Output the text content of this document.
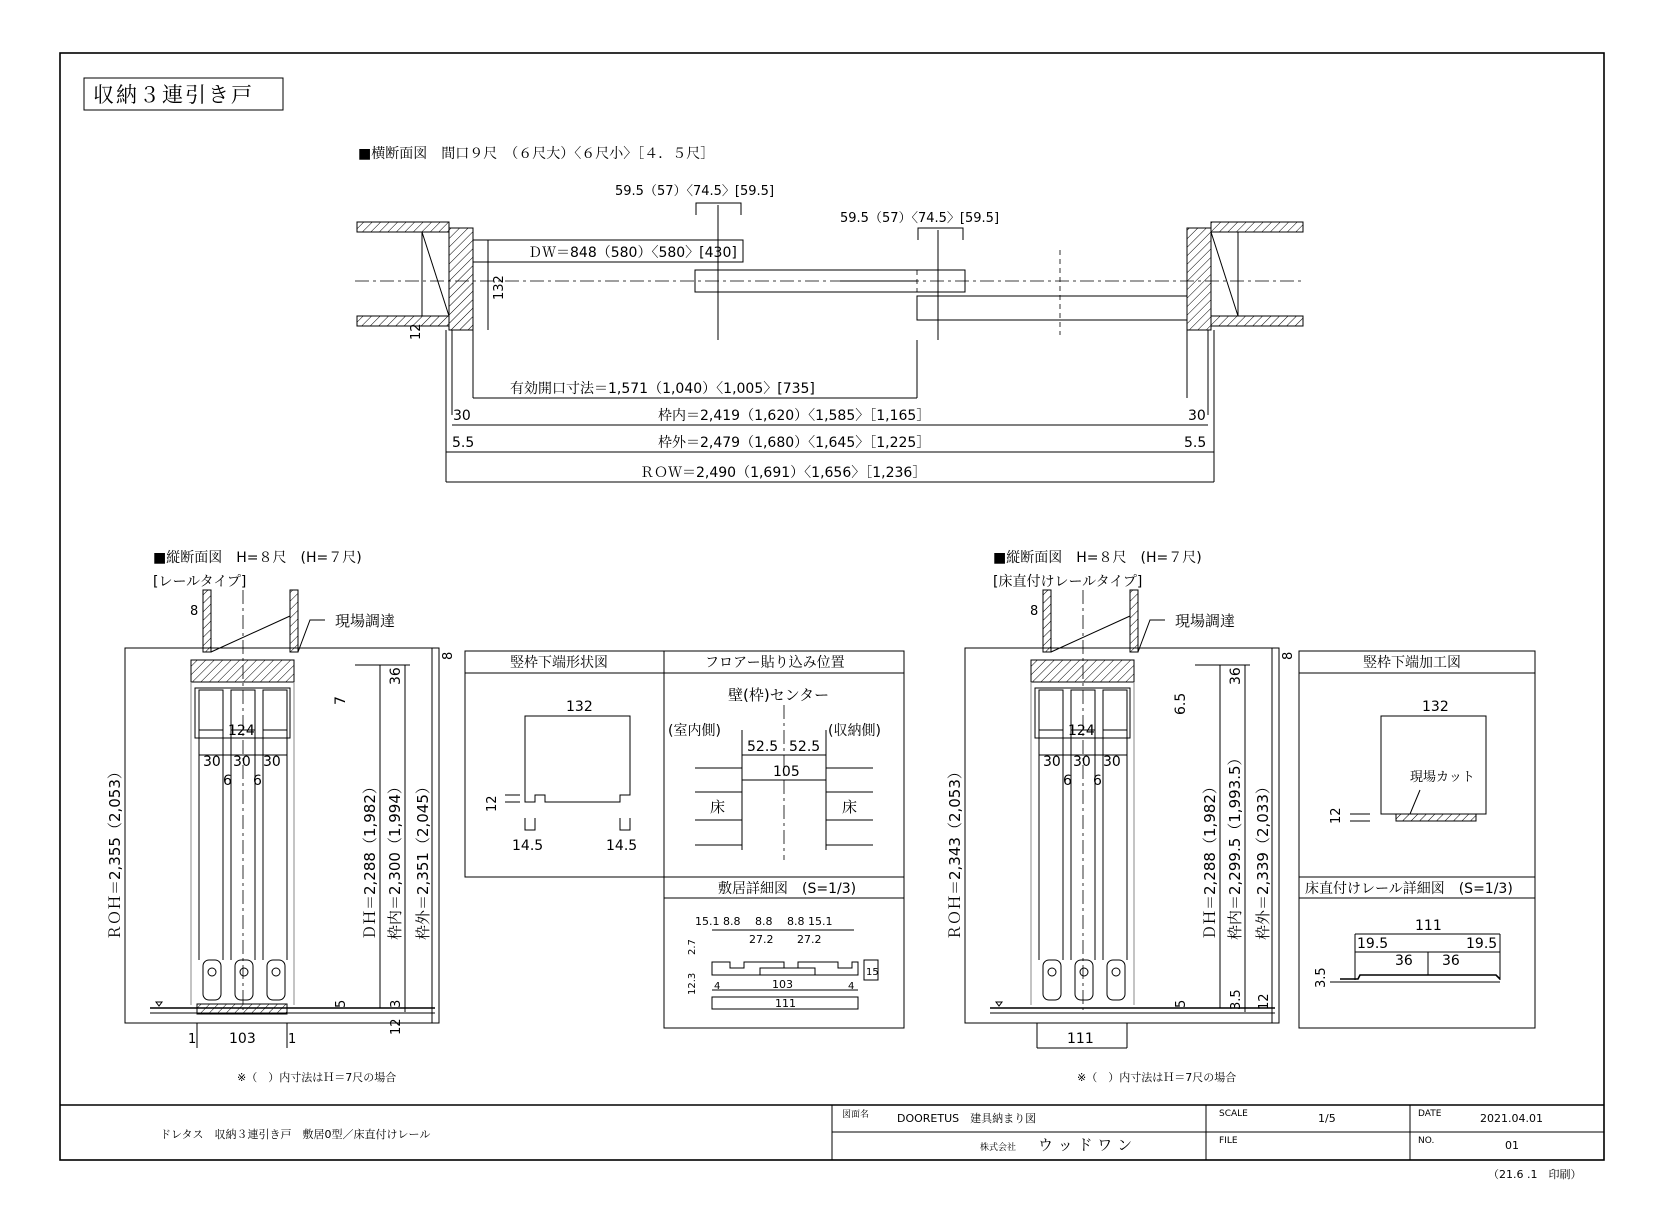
収納３連引き戸
■横断面図　間口９尺　（６尺大）〈６尺小〉［４．５尺］
59.5（57）〈74.5〉[59.5]
59.5（57）〈74.5〉[59.5]
ＤＷ＝848（580）〈580〉[430]
132
12
有効開口寸法＝1,571（1,040）〈1,005〉[735]
枠内＝2,419（1,620）〈1,585〉［1,165］
30	30
枠外＝2,479（1,680）〈1,645〉［1,225］
5.5	5.5
ＲＯＷ＝2,490（1,691）〈1,656〉［1,236］
■縦断面図　H=８尺　(H=７尺)
[レールタイプ]
8
現場調達
124
30 30 30
6 6
ＲＯＨ＝2,355（2,053）	ＤＨ＝2,288（1,982） 枠内＝2,300（1,994） 枠外＝2,351（2,045）
36
8
7
5	3
12
1 103 1
※（　）内寸法はＨ＝7尺の場合
竪枠下端形状図
132
12
14.5	14.5
フロアー貼り込み位置
壁(枠)センター
(室内側)	(収納側)
52.5 52.5
105
床	床
敷居詳細図　(S=1/3)
15.1 8.8　 8.8　 8.8 15.1
27.2 27.2
2.7
12.3
15
4	103	4
111
■縦断面図　H=８尺　(H=７尺)
[床直付けレールタイプ]
8
現場調達
124
30 30 30
6 6
ＲＯＨ＝2,343（2,053）	ＤＨ＝2,288（1,982） 枠内＝2,299.5（1,993.5） 枠外＝2,339（2,033）
36
8
6.5
5	3.5 12
111
※（　）内寸法はＨ＝7尺の場合
竪枠下端加工図
132
現場カット
12
床直付けレール詳細図　(S=1/3)
111
19.5	19.5
36 36
3.5
ドレタス　収納３連引き戸　敷居0型／床直付けレール
図面名	DOORETUS　建具納まり図
株式会社 ウ ッ ド ワ ン
SCALE	1/5
FILE
DATE	2021.04.01
NO.	01
（21.6 .1　印刷）
